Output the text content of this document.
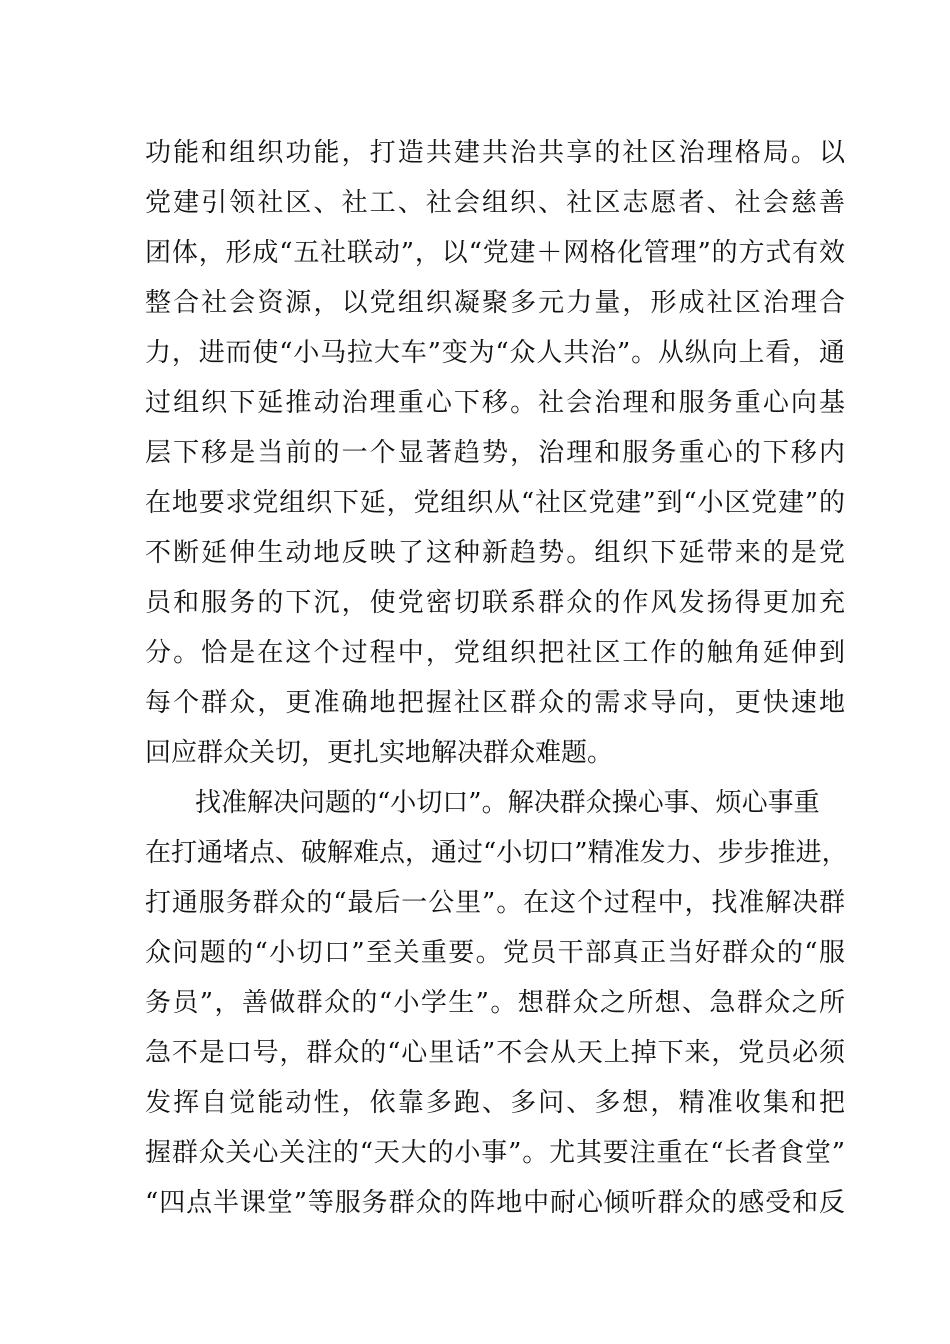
功能和组织功能，打造共建共治共享的社区治理格局。以
党建引领社区、社工、社会组织、社区志愿者、社会慈善
团体，形成“五社联动”，以“党建＋网格化管理”的方式有效
整合社会资源，以党组织凝聚多元力量，形成社区治理合
力，进而使“小马拉大车”变为“众人共治”。从纵向上看，通
过组织下延推动治理重心下移。社会治理和服务重心向基
层下移是当前的一个显著趋势，治理和服务重心的下移内
在地要求党组织下延，党组织从“社区党建”到“小区党建”的
不断延伸生动地反映了这种新趋势。组织下延带来的是党
员和服务的下沉，使党密切联系群众的作风发扬得更加充
分。恰是在这个过程中，党组织把社区工作的触角延伸到
每个群众，更准确地把握社区群众的需求导向，更快速地
回应群众关切，更扎实地解决群众难题。
找准解决问题的“小切口”。解决群众操心事、烦心事重
在打通堵点、破解难点，通过“小切口”精准发力、步步推进，
打通服务群众的“最后一公里”。在这个过程中，找准解决群
众问题的“小切口”至关重要。党员干部真正当好群众的“服
务员”，善做群众的“小学生”。想群众之所想、急群众之所
急不是口号，群众的“心里话”不会从天上掉下来，党员必须
发挥自觉能动性，依靠多跑、多问、多想，精准收集和把
握群众关心关注的“天大的小事”。尤其要注重在“长者食堂”
“四点半课堂”等服务群众的阵地中耐心倾听群众的感受和反
